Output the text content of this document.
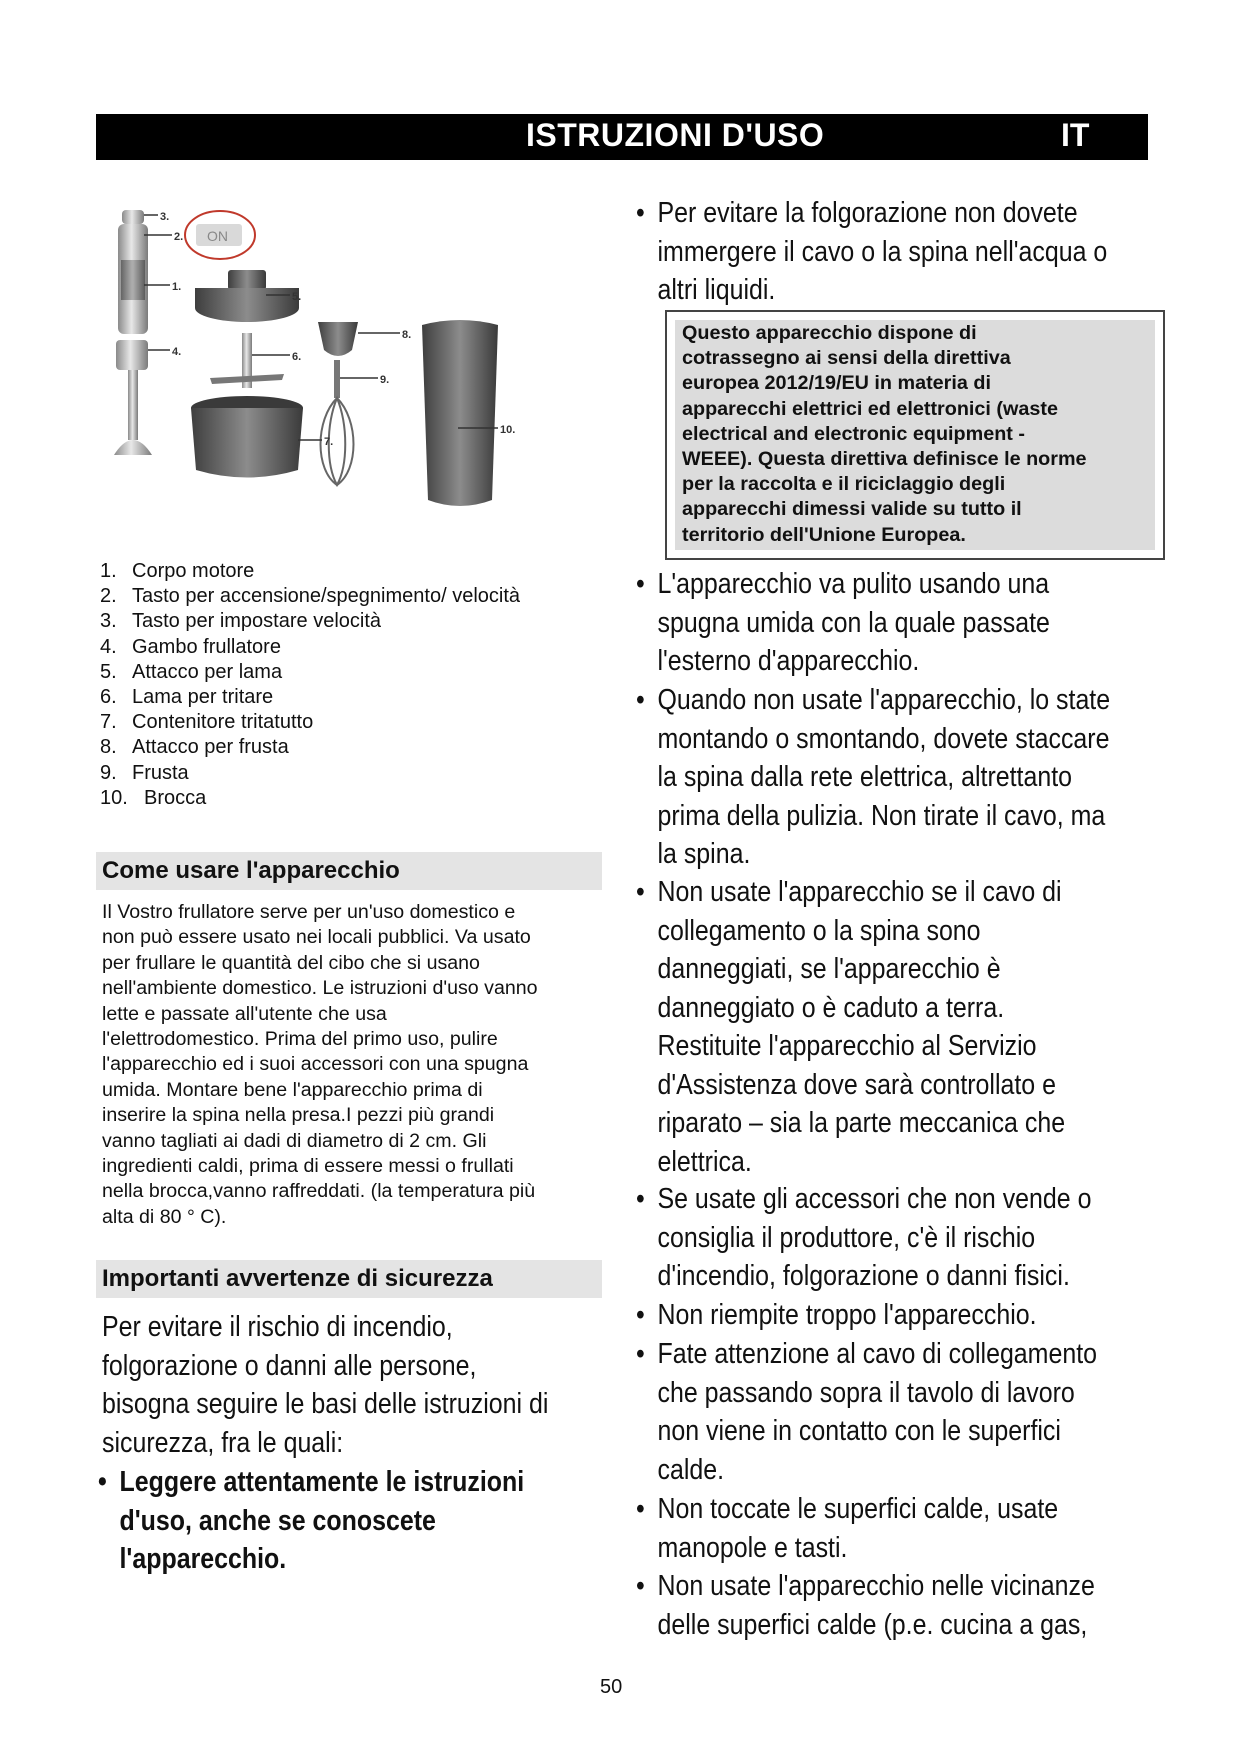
ISTRUZIONI D'USO	IT
ON
3.
2.
1.
4.
5.
6.
7.
8.
9.
10.
1. Corpo motore
2. Tasto per accensione/spegnimento/ velocità
3. Tasto per impostare velocità
4. Gambo frullatore
5. Attacco per lama
6. Lama per tritare
7. Contenitore tritatutto
8. Attacco per frusta
9. Frusta
10. Brocca
Come usare l'apparecchio
Il Vostro frullatore serve per un'uso domestico e
non può essere usato nei locali pubblici. Va usato
per frullare le quantità del cibo che si usano
nell'ambiente domestico. Le istruzioni d'uso vanno
lette e passate all'utente che usa
l'elettrodomestico. Prima del primo uso, pulire
l'apparecchio ed i suoi accessori con una spugna
umida. Montare bene l'apparecchio prima di
inserire la spina nella presa.I pezzi più grandi
vanno tagliati ai dadi di diametro di 2 cm. Gli
ingredienti caldi, prima di essere messi o frullati
nella brocca,vanno raffreddati. (la temperatura più
alta di 80 ° C).
Importanti avvertenze di sicurezza
Per evitare il rischio di incendio,
folgorazione o danni alle persone,
bisogna seguire le basi delle istruzioni di
sicurezza, fra le quali:
• Leggere attentamente le istruzioni
d'uso, anche se conoscete
l'apparecchio.
• Per evitare la folgorazione non dovete
immergere il cavo o la spina nell'acqua o
altri liquidi.
Questo apparecchio dispone di
cotrassegno ai sensi della direttiva
europea 2012/19/EU in materia di
apparecchi elettrici ed elettronici (waste
electrical and electronic equipment -
WEEE). Questa direttiva definisce le norme
per la raccolta e il riciclaggio degli
apparecchi dimessi valide su tutto il
territorio dell'Unione Europea.
• L'apparecchio va pulito usando una
spugna umida con la quale passate
l'esterno d'apparecchio.
• Quando non usate l'apparecchio, lo state
montando o smontando, dovete staccare
la spina dalla rete elettrica, altrettanto
prima della pulizia. Non tirate il cavo, ma
la spina.
• Non usate l'apparecchio se il cavo di
collegamento o la spina sono
danneggiati, se l'apparecchio è
danneggiato o è caduto a terra.
Restituite l'apparecchio al Servizio
d'Assistenza dove sarà controllato e
riparato – sia la parte meccanica che
elettrica.
• Se usate gli accessori che non vende o
consiglia il produttore, c'è il rischio
d'incendio, folgorazione o danni fisici.
• Non riempite troppo l'apparecchio.
• Fate attenzione al cavo di collegamento
che passando sopra il tavolo di lavoro
non viene in contatto con le superfici
calde.
• Non toccate le superfici calde, usate
manopole e tasti.
• Non usate l'apparecchio nelle vicinanze
delle superfici calde (p.e. cucina a gas,
50
